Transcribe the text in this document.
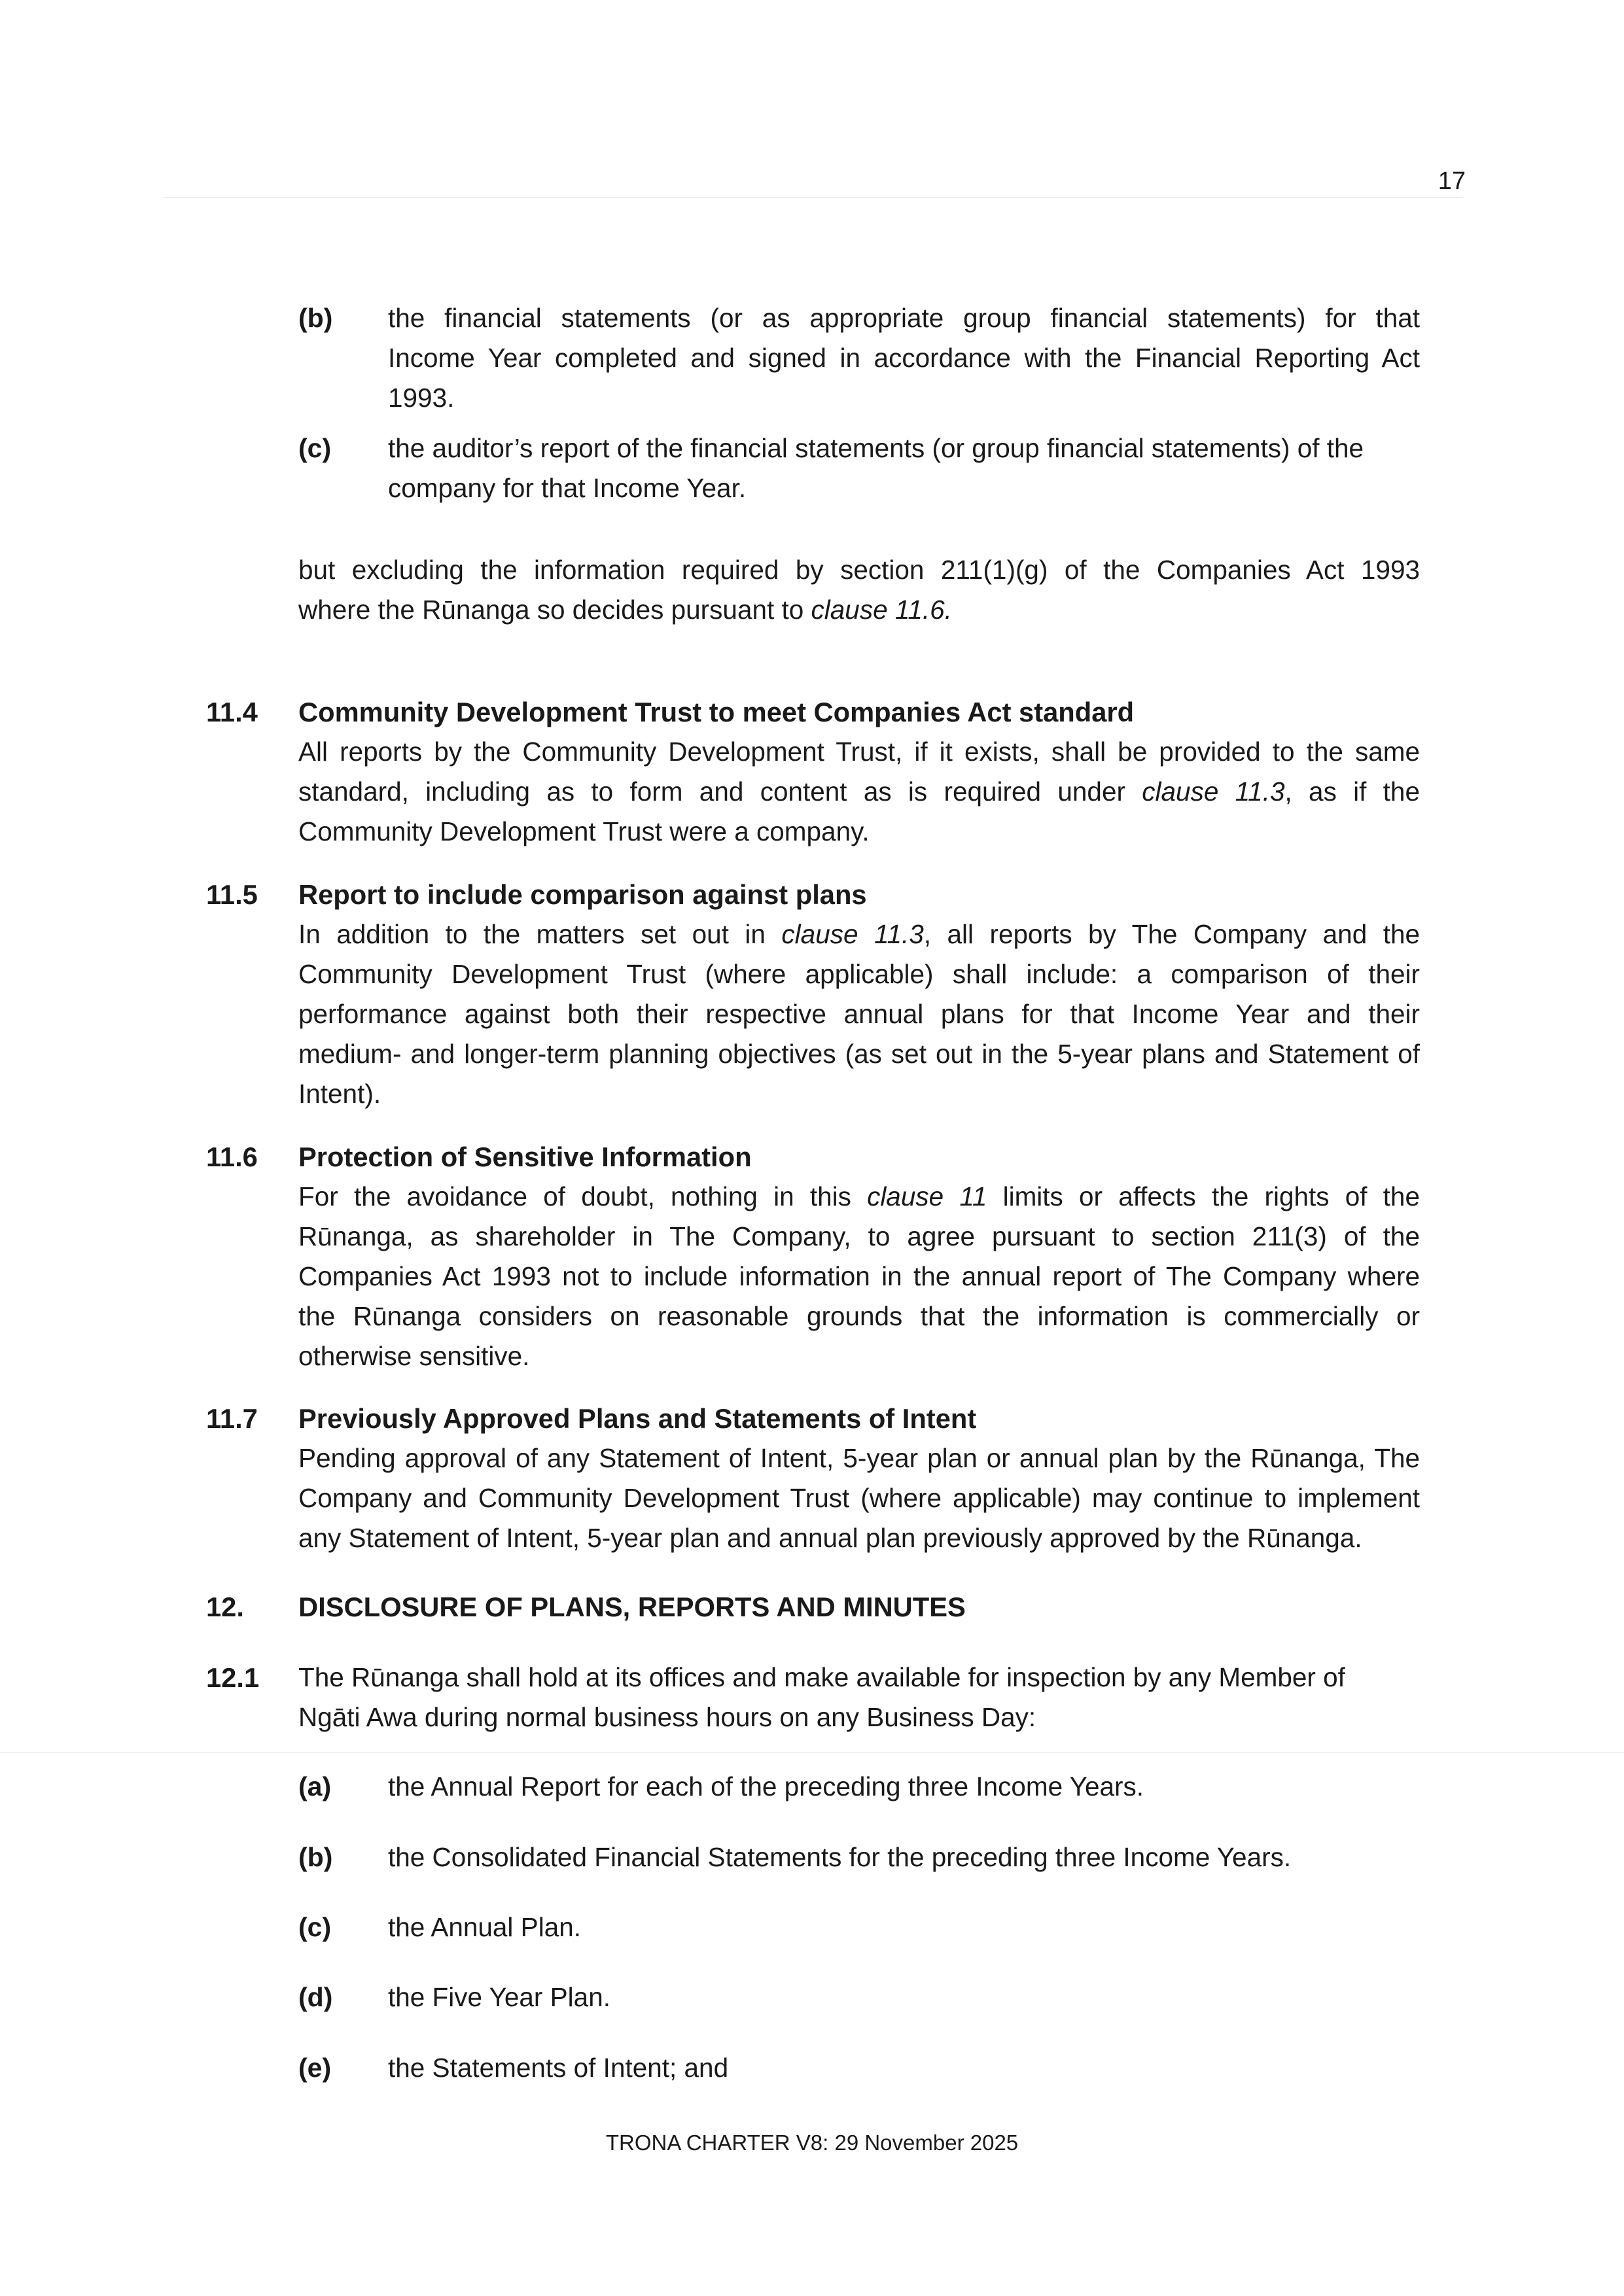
17
(b) the financial statements (or as appropriate group financial statements) for that
Income Year completed and signed in accordance with the Financial Reporting Act
1993.
(c) the auditor’s report of the financial statements (or group financial statements) of the
company for that Income Year.
but excluding the information required by section 211(1)(g) of the Companies Act 1993
where the Rūnanga so decides pursuant to clause 11.6.
11.4 Community Development Trust to meet Companies Act standard
All reports by the Community Development Trust, if it exists, shall be provided to the same
standard, including as to form and content as is required under clause 11.3, as if the
Community Development Trust were a company.
11.5 Report to include comparison against plans
In addition to the matters set out in clause 11.3, all reports by The Company and the
Community Development Trust (where applicable) shall include: a comparison of their
performance against both their respective annual plans for that Income Year and their
medium- and longer-term planning objectives (as set out in the 5-year plans and Statement of
Intent).
11.6 Protection of Sensitive Information
For the avoidance of doubt, nothing in this clause 11 limits or affects the rights of the
Rūnanga, as shareholder in The Company, to agree pursuant to section 211(3) of the
Companies Act 1993 not to include information in the annual report of The Company where
the Rūnanga considers on reasonable grounds that the information is commercially or
otherwise sensitive.
11.7 Previously Approved Plans and Statements of Intent
Pending approval of any Statement of Intent, 5-year plan or annual plan by the Rūnanga, The
Company and Community Development Trust (where applicable) may continue to implement
any Statement of Intent, 5-year plan and annual plan previously approved by the Rūnanga.
12. DISCLOSURE OF PLANS, REPORTS AND MINUTES
12.1 The Rūnanga shall hold at its offices and make available for inspection by any Member of
Ngāti Awa during normal business hours on any Business Day:
(a) the Annual Report for each of the preceding three Income Years.
(b) the Consolidated Financial Statements for the preceding three Income Years.
(c) the Annual Plan.
(d) the Five Year Plan.
(e) the Statements of Intent; and
TRONA CHARTER V8: 29 November 2025
